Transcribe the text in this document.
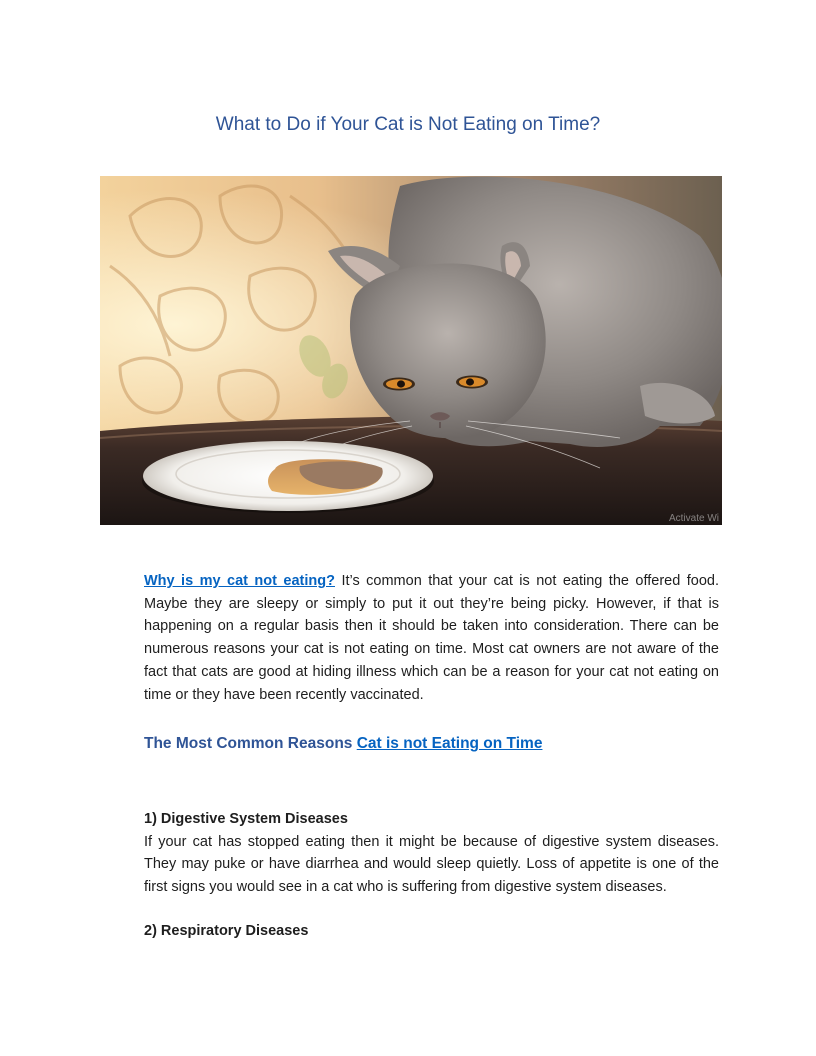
What to Do if Your Cat is Not Eating on Time?
Activate Wi
Why is my cat not eating? It’s common that your cat is not eating the offered food. Maybe they are sleepy or simply to put it out they’re being picky. However, if that is happening on a regular basis then it should be taken into consideration. There can be numerous reasons your cat is not eating on time. Most cat owners are not aware of the fact that cats are good at hiding illness which can be a reason for your cat not eating on time or they have been recently vaccinated.
The Most Common Reasons Cat is not Eating on Time
1) Digestive System Diseases
If your cat has stopped eating then it might be because of digestive system diseases. They may puke or have diarrhea and would sleep quietly. Loss of appetite is one of the first signs you would see in a cat who is suffering from digestive system diseases.
2) Respiratory Diseases
